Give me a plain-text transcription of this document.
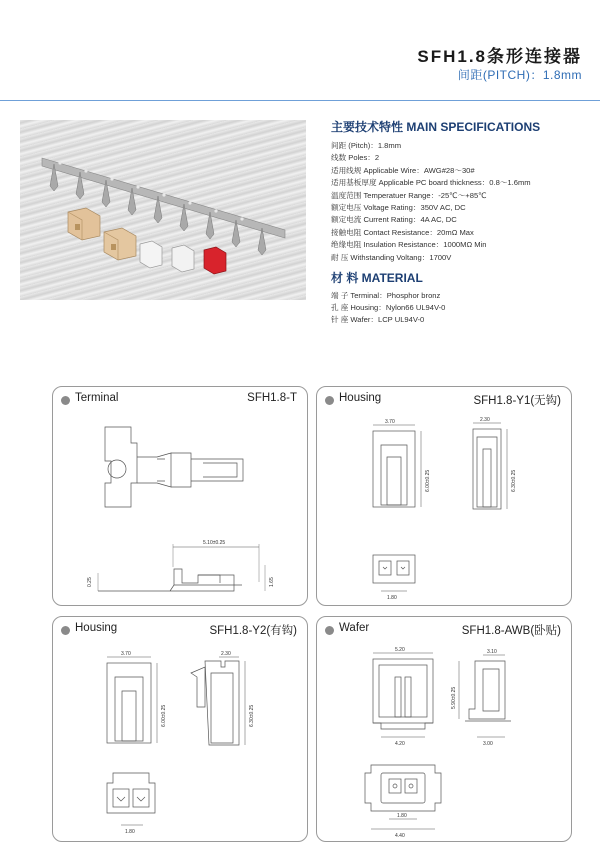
SFH1.8条形连接器
间距(PITCH)：1.8mm
主要技术特性 MAIN SPECIFICATIONS
间距 (Pitch)：1.8mm
线数 Poles：2
适用线规 Applicable Wire：AWG#28～30#
适用基板厚度 Applicable PC board thickness：0.8～1.6mm
温度范围 Temperatuer Range：-25℃～+85℃
额定电压 Voltage Rating：350V AC, DC
额定电流 Current Rating：4A AC, DC
接触电阻 Contact Resistance：20mΩ Max
绝缘电阻 Insulation Resistance：1000MΩ Min
耐 压 Withstanding Voltang：1700V
材 料 MATERIAL
端 子 Terminal：Phosphor bronz
孔 座 Housing：Nylon66 UL94V-0
针 座 Wafer：LCP UL94V-0
5.10±0.25
0.25	1.65
Terminal	SFH1.8-T
3.70	2.30
6.00±0.25	6.30±0.25
1.80
Housing	SFH1.8-Y1(无钩)
3.70	2.30
6.00±0.25	6.30±0.25
1.80
Housing	SFH1.8-Y2(有钩)
5.20	3.10
5.90±0.25
4.20	3.00
1.80
4.40
Wafer	SFH1.8-AWB(卧贴)
